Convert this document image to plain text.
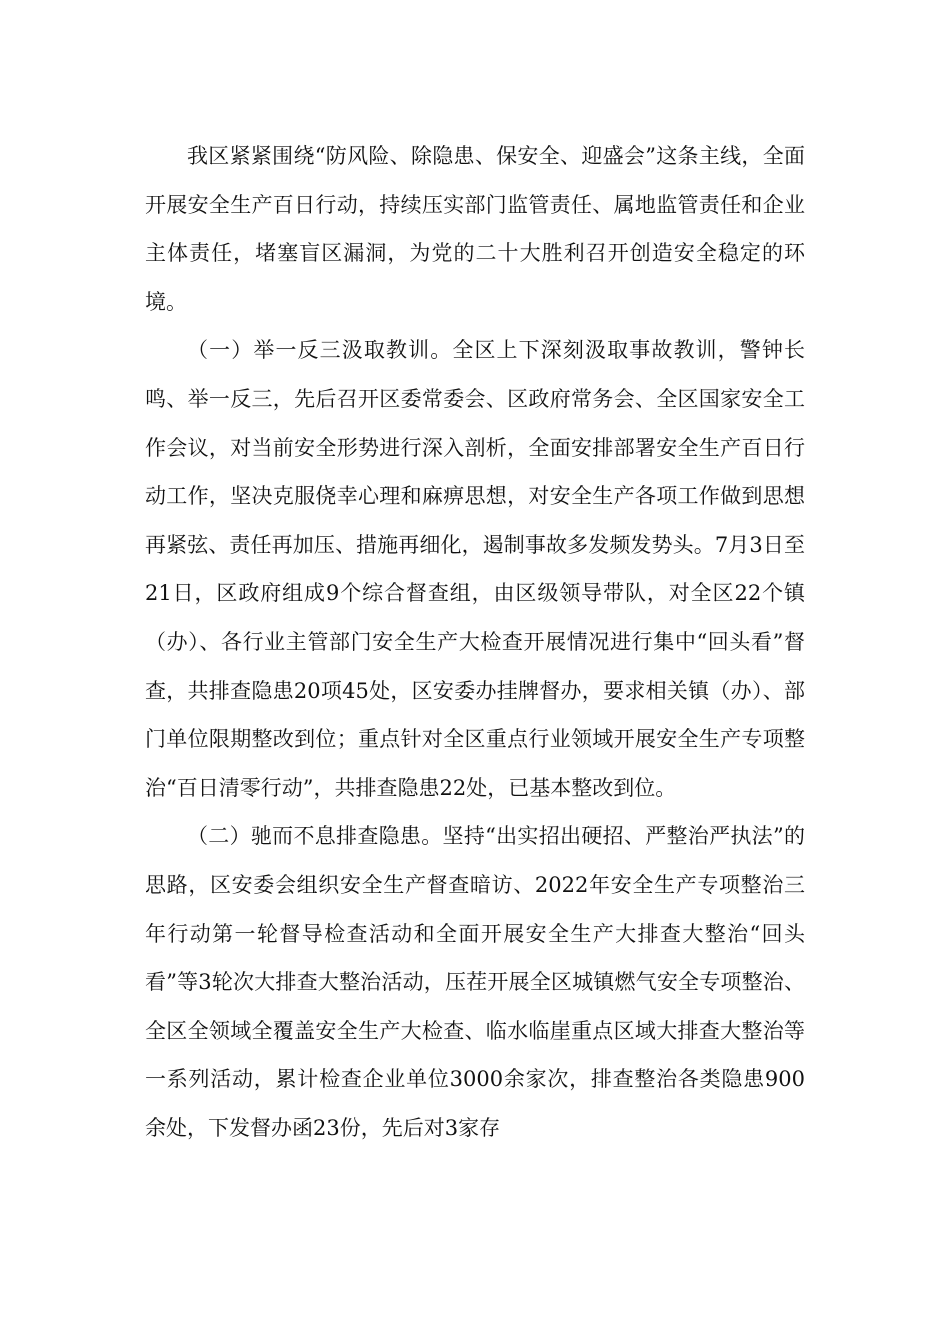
我区紧紧围绕“防风险、除隐患、保安全、迎盛会”这条主线，全面开展安全生产百日行动，持续压实部门监管责任、属地监管责任和企业主体责任，堵塞盲区漏洞，为党的二十大胜利召开创造安全稳定的环境。

（一）举一反三汲取教训。全区上下深刻汲取事故教训，警钟长鸣、举一反三，先后召开区委常委会、区政府常务会、全区国家安全工作会议，对当前安全形势进行深入剖析，全面安排部署安全生产百日行动工作，坚决克服侥幸心理和麻痹思想，对安全生产各项工作做到思想再紧弦、责任再加压、措施再细化，遏制事故多发频发势头。7月3日至21日，区政府组成9个综合督查组，由区级领导带队，对全区22个镇（办）、各行业主管部门安全生产大检查开展情况进行集中“回头看”督查，共排查隐患20项45处，区安委办挂牌督办，要求相关镇（办）、部门单位限期整改到位；重点针对全区重点行业领域开展安全生产专项整治“百日清零行动”，共排查隐患22处，已基本整改到位。

（二）驰而不息排查隐患。坚持“出实招出硬招、严整治严执法”的思路，区安委会组织安全生产督查暗访、2022年安全生产专项整治三年行动第一轮督导检查活动和全面开展安全生产大排查大整治“回头看”等3轮次大排查大整治活动，压茬开展全区城镇燃气安全专项整治、全区全领域全覆盖安全生产大检查、临水临崖重点区域大排查大整治等一系列活动，累计检查企业单位3000余家次，排查整治各类隐患900余处，下发督办函23份，先后对3家存
